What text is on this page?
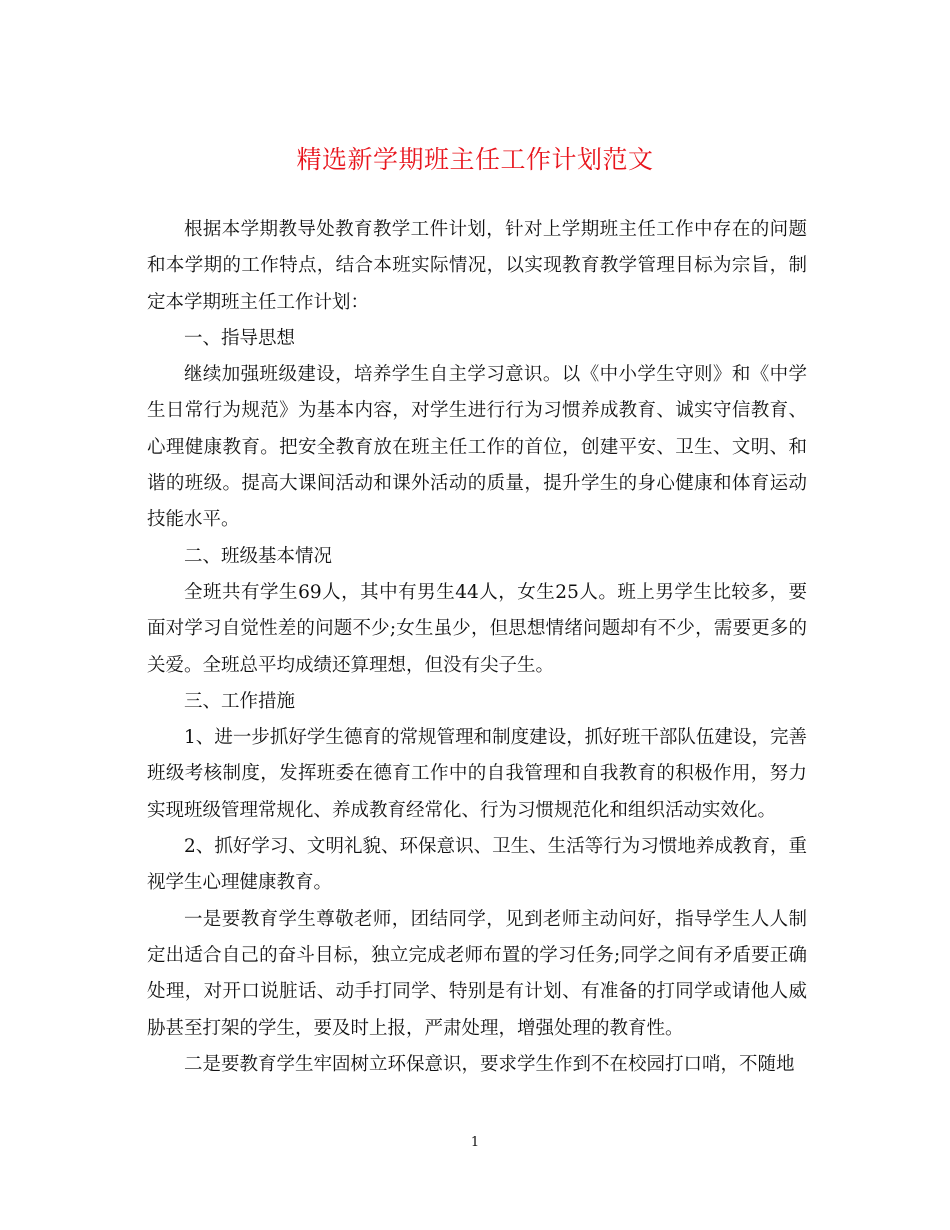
精选新学期班主任工作计划范文

根据本学期教导处教育教学工件计划，针对上学期班主任工作中存在的问题和本学期的工作特点，结合本班实际情况，以实现教育教学管理目标为宗旨，制定本学期班主任工作计划：

一、指导思想

继续加强班级建设，培养学生自主学习意识。以《中小学生守则》和《中学生日常行为规范》为基本内容，对学生进行行为习惯养成教育、诚实守信教育、心理健康教育。把安全教育放在班主任工作的首位，创建平安、卫生、文明、和谐的班级。提高大课间活动和课外活动的质量，提升学生的身心健康和体育运动技能水平。

二、班级基本情况

全班共有学生69人，其中有男生44人，女生25人。班上男学生比较多，要面对学习自觉性差的问题不少;女生虽少，但思想情绪问题却有不少，需要更多的关爱。全班总平均成绩还算理想，但没有尖子生。

三、工作措施

1、进一步抓好学生德育的常规管理和制度建设，抓好班干部队伍建设，完善班级考核制度，发挥班委在德育工作中的自我管理和自我教育的积极作用，努力实现班级管理常规化、养成教育经常化、行为习惯规范化和组织活动实效化。

2、抓好学习、文明礼貌、环保意识、卫生、生活等行为习惯地养成教育，重视学生心理健康教育。

一是要教育学生尊敬老师，团结同学，见到老师主动问好，指导学生人人制定出适合自己的奋斗目标，独立完成老师布置的学习任务;同学之间有矛盾要正确处理，对开口说脏话、动手打同学、特别是有计划、有准备的打同学或请他人威胁甚至打架的学生，要及时上报，严肃处理，增强处理的教育性。

二是要教育学生牢固树立环保意识，要求学生作到不在校园打口哨，不随地

1
